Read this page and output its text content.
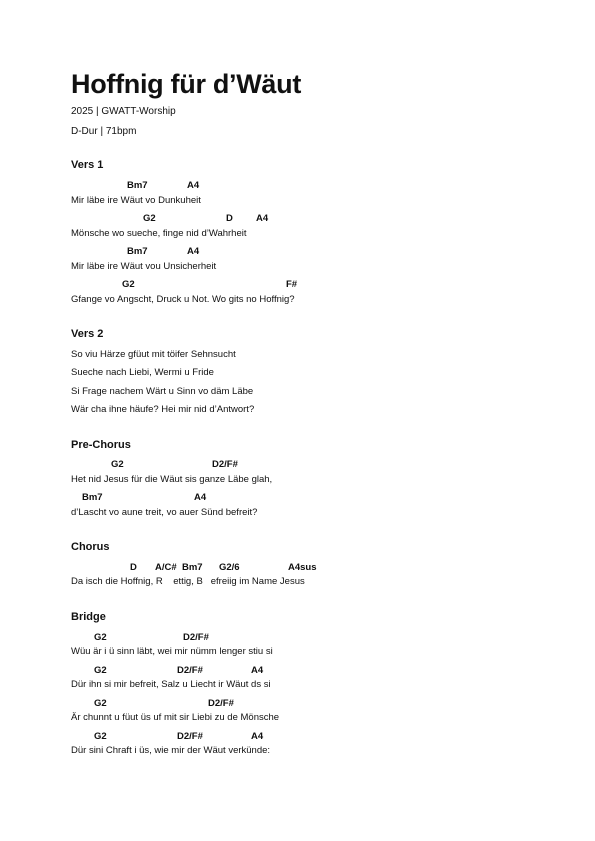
Hoffnig für d’Wäut
2025 | GWATT-Worship
D-Dur | 71bpm
Vers 1
Bm7	A4
Mir läbe ire Wäut vo Dunkuheit
G2	D A4
Mönsche wo sueche, finge nid d’Wahrheit
Bm7	A4
Mir läbe ire Wäut vou Unsicherheit
G2	F#
Gfange vo Angscht, Druck u Not. Wo gits no Hoffnig?
Vers 2
So viu Härze gfüut mit töifer Sehnsucht
Sueche nach Liebi, Wermi u Fride
Si Frage nachem Wärt u Sinn vo däm Läbe
Wär cha ihne häufe? Hei mir nid d’Antwort?
Pre-Chorus
G2	D2/F#
Het nid Jesus für die Wäut sis ganze Läbe glah,
Bm7	A4
d’Lascht vo aune treit, vo auer Sünd befreit?
Chorus
D A/C# Bm7 G2/6	A4sus
Da isch die Hoffnig, R    ettig, B   efreiig im Name Jesus
Bridge
G2	D2/F#
Wüu är i ü sinn läbt, wei mir nümm lenger stiu si
G2	D2/F#	A4
Dür ihn si mir befreit, Salz u Liecht ir Wäut ds si
G2	D2/F#
Är chunnt u füut üs uf mit sir Liebi zu de Mönsche
G2	D2/F#	A4
Dür sini Chraft i üs, wie mir der Wäut verkünde:
